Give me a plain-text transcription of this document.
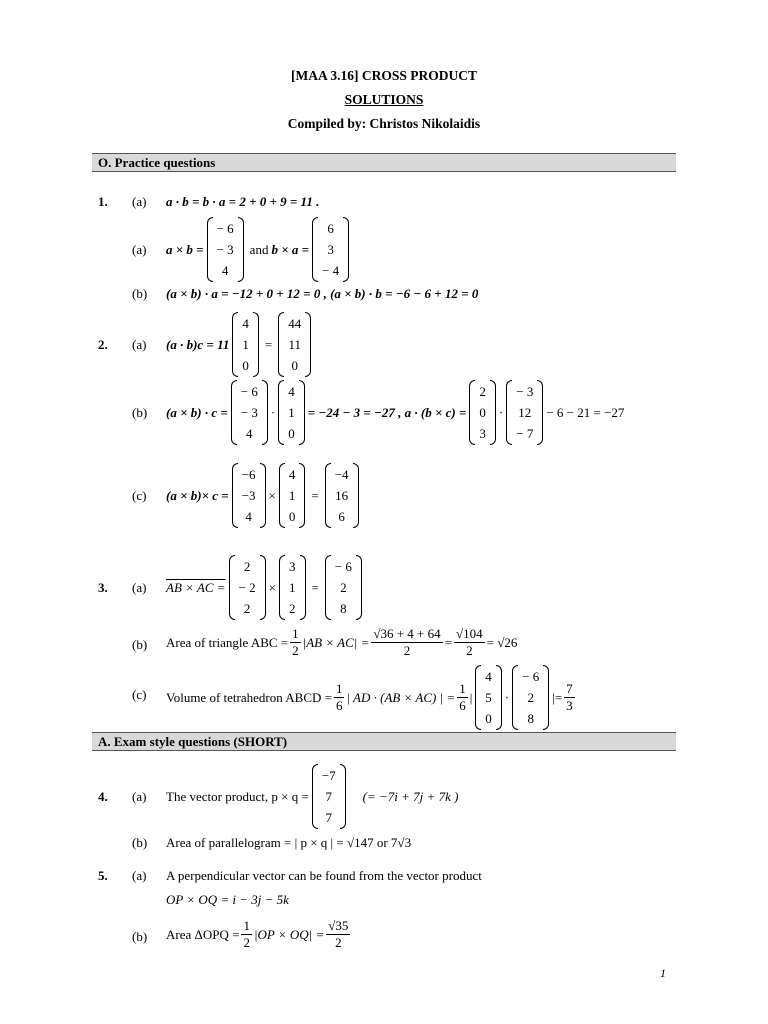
[MAA 3.16] CROSS PRODUCT
SOLUTIONS
Compiled by: Christos Nikolaidis
O. Practice questions
1. (a) a · b = b · a = 2 + 0 + 9 = 11 .
(a) a × b =
− 6
− 3
4
and b × a =
6
3
− 4
(b) (a × b) · a = −12 + 0 + 12 = 0 , (a × b) · b = −6 − 6 + 12 = 0
2. (a) (a · b)c = 11
4
1
0
=
44
11
0
(b) (a × b) · c =
− 6
− 3
4
·
4
1
0
= −24 − 3 = −27 , a · (b × c) =
2
0
3
·
− 3
12
− 7
− 6 − 21 = −27
(c) (a × b)× c =
−6
−3
4
×
4
1
0
=
−4
16
6
3. (a) AB × AC =
2
− 2
2
×
3
1
2
=
− 6
2
8
(b) Area of triangle ABC = $\frac{1}{2} |AB \times AC| = \frac{√36 + 4 + 64}{2} = \frac{√104}{2} = √26$
(c) Volume of tetrahedron ABCD = $\frac{1}{6}$ | AD · (AB × AC) | = $\frac{1}{6}$ |
4
5
0
·
− 6
2
8
|= $\frac{7}{3}$
A. Exam style questions (SHORT)
4. (a) The vector product, p × q =
−7
7
7
(= −7i + 7j + 7k )
(b) Area of parallelogram = | p × q | = √147 or 7√3
5. (a) A perpendicular vector can be found from the vector product
OP × OQ = i − 3j − 5k
(b) Area $\Delta OPQ = \frac{1}{2} |OP \times OQ| = \frac{√35}{2}$
1
